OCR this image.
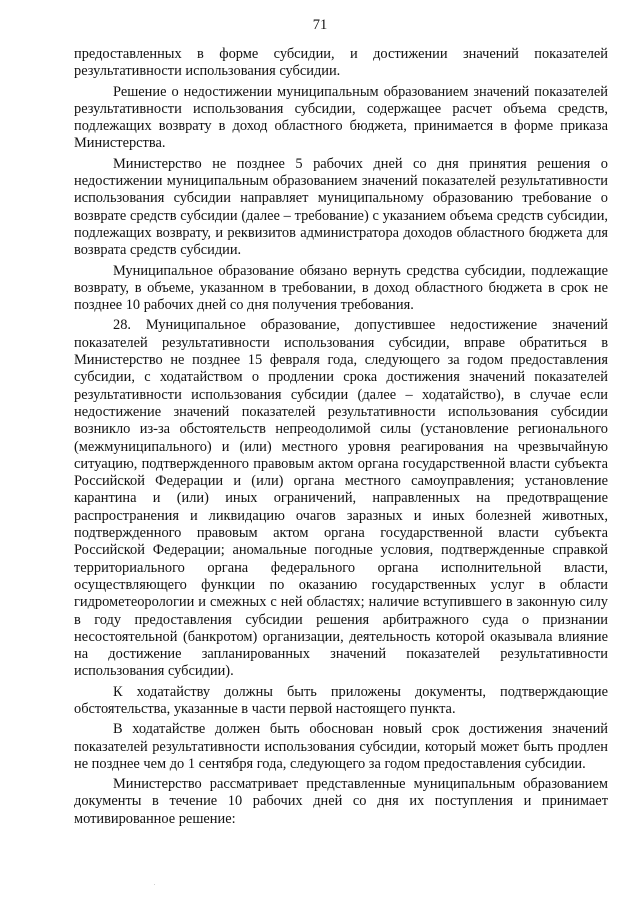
71

предоставленных в форме субсидии, и достижении значений показателей результативности использования субсидии.

Решение о недостижении муниципальным образованием значений показателей результативности использования субсидии, содержащее расчет объема средств, подлежащих возврату в доход областного бюджета, принимается в форме приказа Министерства.

Министерство не позднее 5 рабочих дней со дня принятия решения о недостижении муниципальным образованием значений показателей результативности использования субсидии направляет муниципальному образованию требование о возврате средств субсидии (далее – требование) с указанием объема средств субсидии, подлежащих возврату, и реквизитов администратора доходов областного бюджета для возврата средств субсидии.

Муниципальное образование обязано вернуть средства субсидии, подлежащие возврату, в объеме, указанном в требовании, в доход областного бюджета в срок не позднее 10 рабочих дней со дня получения требования.

28. Муниципальное образование, допустившее недостижение значений показателей результативности использования субсидии, вправе обратиться в Министерство не позднее 15 февраля года, следующего за годом предоставления субсидии, с ходатайством о продлении срока достижения значений показателей результативности использования субсидии (далее – ходатайство), в случае если недостижение значений показателей результативности использования субсидии возникло из-за обстоятельств непреодолимой силы (установление регионального (межмуниципального) и (или) местного уровня реагирования на чрезвычайную ситуацию, подтвержденного правовым актом органа государственной власти субъекта Российской Федерации и (или) органа местного самоуправления; установление карантина и (или) иных ограничений, направленных на предотвращение распространения и ликвидацию очагов заразных и иных болезней животных, подтвержденного правовым актом органа государственной власти субъекта Российской Федерации; аномальные погодные условия, подтвержденные справкой территориального органа федерального органа исполнительной власти, осуществляющего функции по оказанию государственных услуг в области гидрометеорологии и смежных с ней областях; наличие вступившего в законную силу в году предоставления субсидии решения арбитражного суда о признании несостоятельной (банкротом) организации, деятельность которой оказывала влияние на достижение запланированных значений показателей результативности использования субсидии).

К ходатайству должны быть приложены документы, подтверждающие обстоятельства, указанные в части первой настоящего пункта.

В ходатайстве должен быть обоснован новый срок достижения значений показателей результативности использования субсидии, который может быть продлен не позднее чем до 1 сентября года, следующего за годом предоставления субсидии.

Министерство рассматривает представленные муниципальным образованием документы в течение 10 рабочих дней со дня их поступления и принимает мотивированное решение:
